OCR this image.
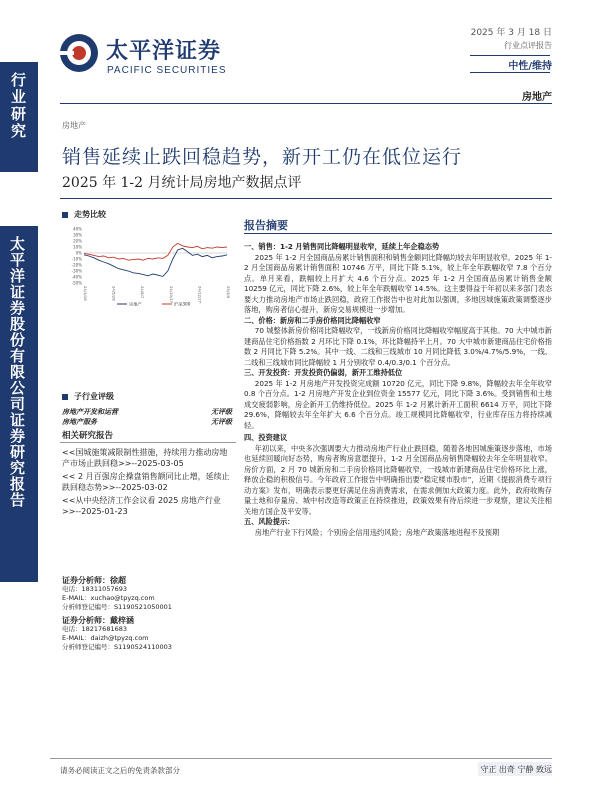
太平洋证券
PACIFIC SECURITIES
2025 年 3 月 18 日
行业点评报告
中性/维持
房地产
行业研究
太平洋证券股份有限公司证券研究报告
房地产
销售延续止跌回稳趋势，新开工仍在低位运行
2025 年 1-2 月统计局房地产数据点评
走势比较
40%
30%
20%
10%
0%
-10%
-20%
-30%
-40%
-50%
24/3/18	24/5/28	24/8/7	24/10/17	24/12/27	25/3/9
房地产	沪深300
子行业评级
房地产开发和运营	无评级
房地产服务	无评级
相关研究报告
<<国城施策减限制性措施，持续用力推动房地产市场止跌回稳>>--2025-03-05
<< 2 月百强房企操盘销售额同比止增，延续止跌回稳态势>>--2025-03-02
<<从中央经济工作会议看 2025 房地产行业>>--2025-01-23
证券分析师：徐超
电话：18311057693
E-MAIL：xuchao@tpyzq.com
分析师登记编号：S1190521050001
证券分析师：戴梓涵
电话：18217681683
E-MAIL：daizh@tpyzq.com
分析师登记编号：S1190524110003
报告摘要

一、销售：1-2 月销售同比降幅明显收窄，延续上年企稳态势

2025 年 1-2 月全国商品房累计销售面积和销售金额同比降幅均较去年明显收窄。2025 年 1-2 月全国商品房累计销售面积 10746 万平，同比下降 5.1%，较上年全年跌幅收窄 7.8 个百分点。单月来看，跌幅较上月扩大 4.6 个百分点。2025 年 1-2 月全国商品房累计销售金额 10259 亿元，同比下降 2.6%，较上年全年跌幅收窄 14.5%。这主要得益于年初以来多部门表态要大力推动房地产市场止跌回稳，政府工作报告中也对此加以强调，多地因城施策政策调整逐步落地，购房者信心提升，新房交易规模进一步增加。

二、价格：新房和二手房价格同比降幅收窄

70 城整体新房价格同比降幅收窄，一线新房价格同比降幅收窄幅度高于其他。70 大中城市新建商品住宅价格指数 2 月环比下降 0.1%，环比降幅持平上月。70 大中城市新建商品住宅价格指数 2 月同比下降 5.2%。其中一线、二线和三线城市 10 月同比降低 3.0%/4.7%/5.9%，一线、二线和三线城市同比降幅较 1 月分别收窄 0.4/0.3/0.1 个百分点。

三、开发投资：开发投资仍偏弱，新开工维持低位

2025 年 1-2 月房地产开发投资完成额 10720 亿元，同比下降 9.8%，降幅较去年全年收窄 0.8 个百分点。1-2 月房地产开发企业到位资金 15577 亿元，同比下降 3.6%。受到销售和土地成交疲弱影响，房企新开工仍维持低位。2025 年 1-2 月累计新开工面积 6614 万平，同比下降 29.6%，降幅较去年全年扩大 6.6 个百分点。竣工规模同比降幅收窄，行业库存压力将持续减轻。

四、投资建议

年初以来，中央多次强调要大力推动房地产行业止跌回稳，随着各地因城施策逐步落地，市场也延续回暖向好态势，购房者购房意愿提升，1-2 月全国商品房销售降幅较去年全年明显收窄。房价方面，2 月 70 城新房和二手房价格同比降幅收窄，一线城市新建商品住宅价格环比上涨，释放企稳的积极信号。今年政府工作报告中明确指出要“稳定楼市股市”，近期《提振消费专项行动方案》发布，明确表示要更好满足住房消费需求，在需求侧加大政策力度。此外，政府收购存量土地和存量房、城中村改造等政策正在持续推进，政策效果有待后续进一步观察，建议关注相关地方国企及平安等。

五、风险提示：

房地产行业下行风险；个别房企信用违约风险；房地产政策落地进程不及预期

请务必阅读正文之后的免责条款部分	守正 出奇 宁静 致远
